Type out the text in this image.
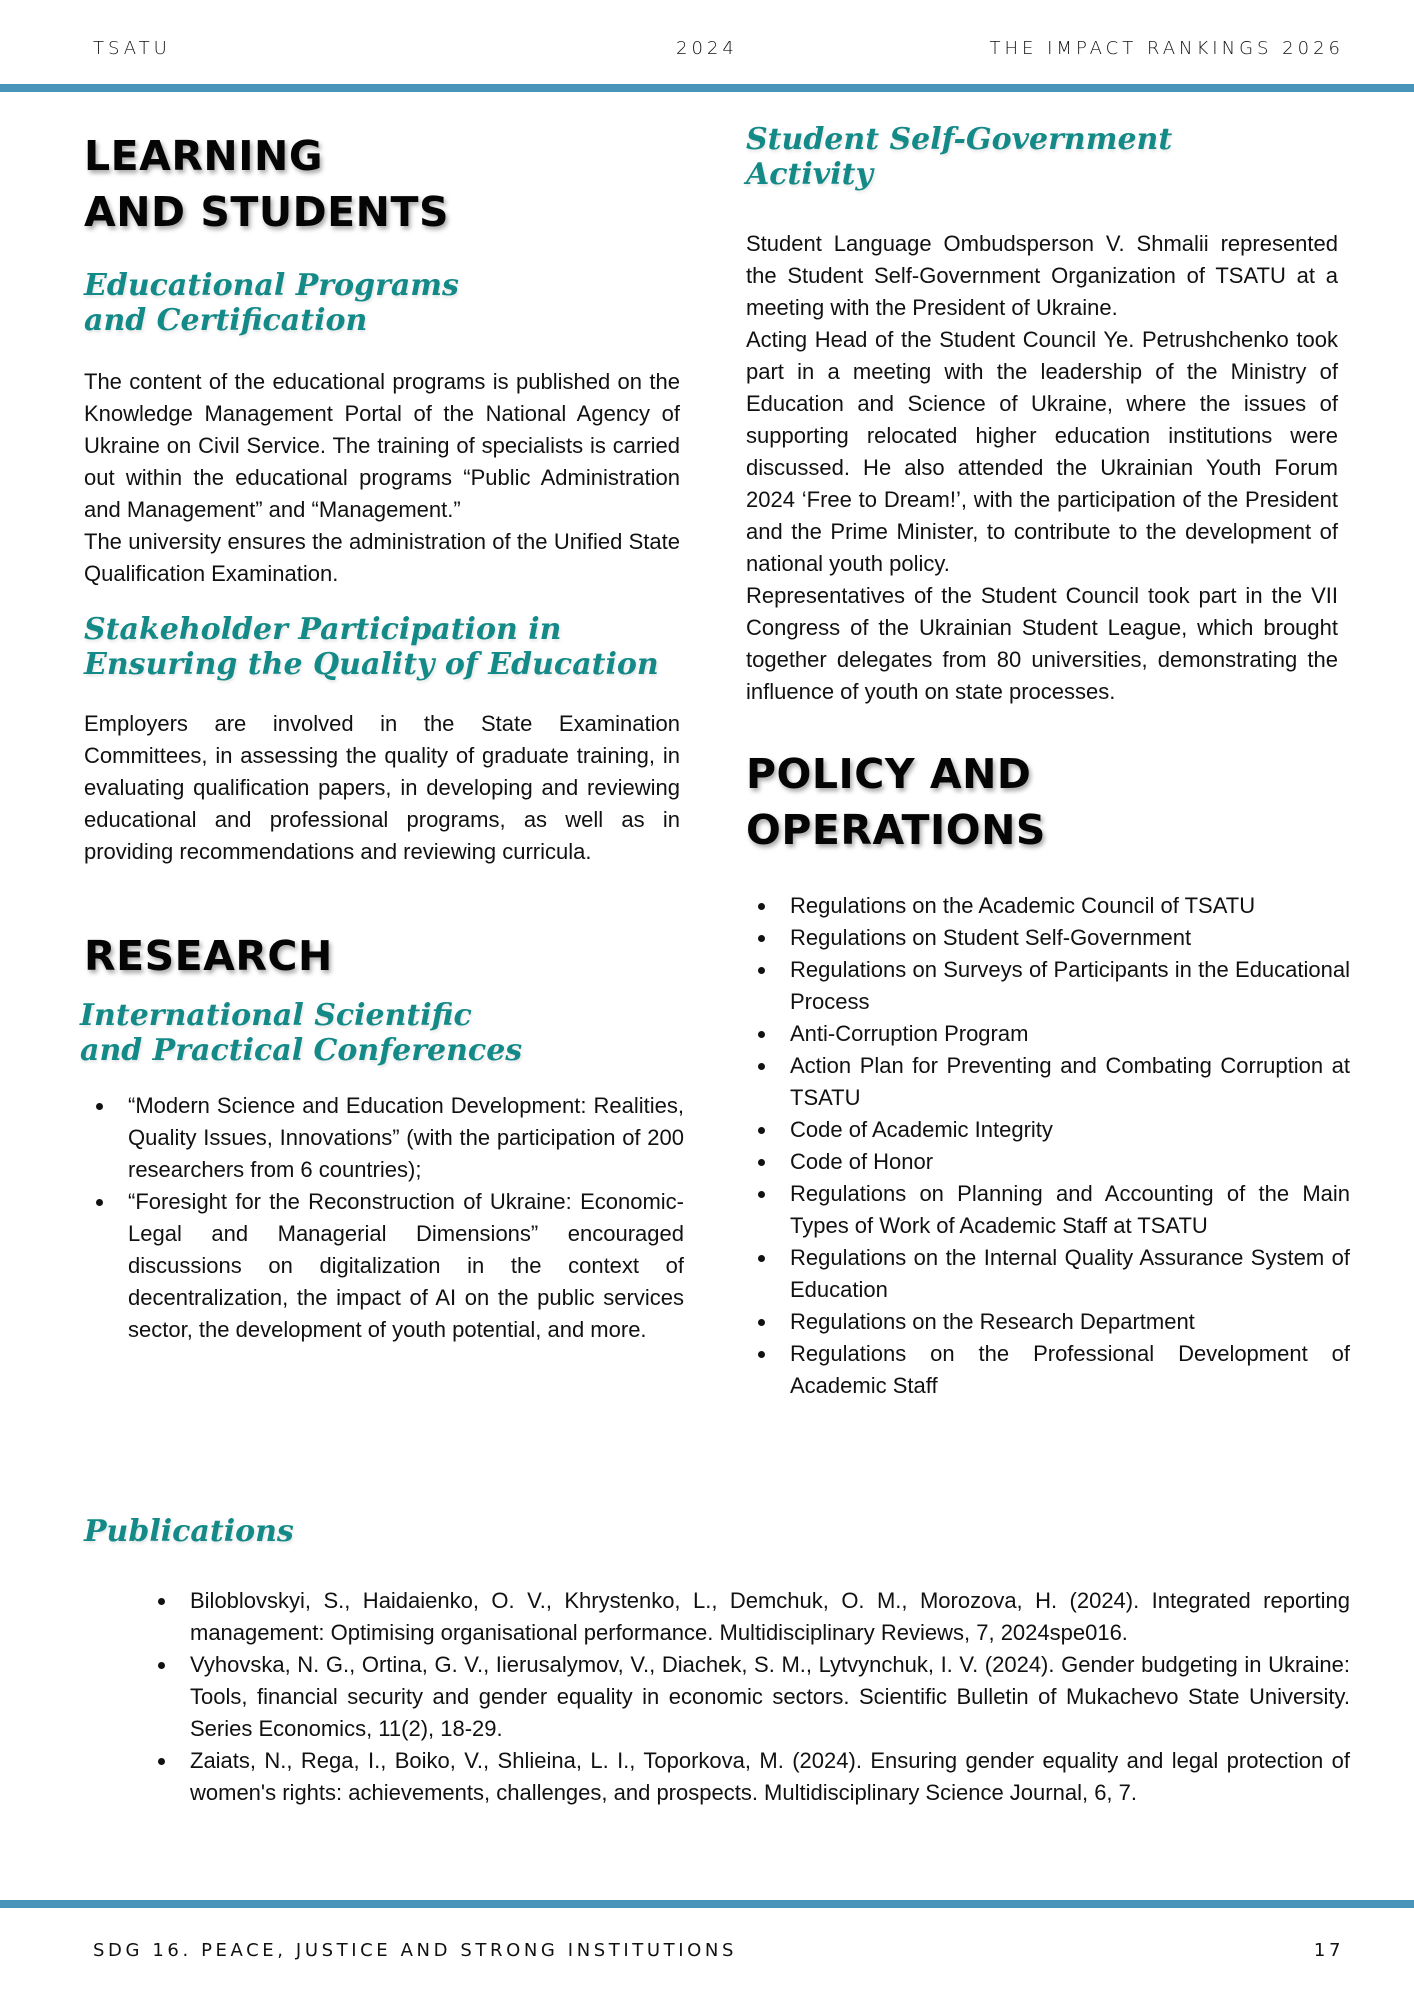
TSATU	2024	THE IMPACT RANKINGS 2026
LEARNING
AND STUDENTS
Educational Programs
and Certification

The content of the educational programs is published on the Knowledge Management Portal of the National Agency of Ukraine on Civil Service. The training of specialists is carried out within the educational programs “Public Administration and Management” and “Management.”

The university ensures the administration of the Unified State Qualification Examination.

Stakeholder Participation in
Ensuring the Quality of Education

Employers are involved in the State Examination Committees, in assessing the quality of graduate training, in evaluating qualification papers, in developing and reviewing educational and professional programs, as well as in providing recommendations and reviewing curricula.

RESEARCH
International Scientific
and Practical Conferences
“Modern Science and Education Development: Realities, Quality Issues, Innovations” (with the participation of 200 researchers from 6 countries);
“Foresight for the Reconstruction of Ukraine: Economic-Legal and Managerial Dimensions” encouraged discussions on digitalization in the context of decentralization, the impact of AI on the public services sector, the development of youth potential, and more.
Student Self-Government
Activity

Student Language Ombudsperson V. Shmalii represented the Student Self-Government Organization of TSATU at a meeting with the President of Ukraine.

Acting Head of the Student Council Ye. Petrushchenko took part in a meeting with the leadership of the Ministry of Education and Science of Ukraine, where the issues of supporting relocated higher education institutions were discussed. He also attended the Ukrainian Youth Forum 2024 ‘Free to Dream!’, with the participation of the President and the Prime Minister, to contribute to the development of national youth policy.

Representatives of the Student Council took part in the VII Congress of the Ukrainian Student League, which brought together delegates from 80 universities, demonstrating the influence of youth on state processes.

POLICY AND
OPERATIONS
Regulations on the Academic Council of TSATU
Regulations on Student Self-Government
Regulations on Surveys of Participants in the Educational Process
Anti-Corruption Program
Action Plan for Preventing and Combating Corruption at TSATU
Code of Academic Integrity
Code of Honor
Regulations on Planning and Accounting of the Main Types of Work of Academic Staff at TSATU
Regulations on the Internal Quality Assurance System of Education
Regulations on the Research Department
Regulations on the Professional Development of Academic Staff
Publications
Biloblovskyi, S., Haidaienko, O. V., Khrystenko, L., Demchuk, O. M., Morozova, H. (2024). Integrated reporting management: Optimising organisational performance. Multidisciplinary Reviews, 7, 2024spe016.
Vyhovska, N. G., Ortina, G. V., Iierusalymov, V., Diachek, S. M., Lytvynchuk, I. V. (2024). Gender budgeting in Ukraine: Tools, financial security and gender equality in economic sectors. Scientific Bulletin of Mukachevo State University. Series Economics, 11(2), 18-29.
Zaiats, N., Rega, I., Boiko, V., Shlieina, L. I., Toporkova, M. (2024). Ensuring gender equality and legal protection of women's rights: achievements, challenges, and prospects. Multidisciplinary Science Journal, 6, 7.
SDG 16. PEACE, JUSTICE AND STRONG INSTITUTIONS	17
